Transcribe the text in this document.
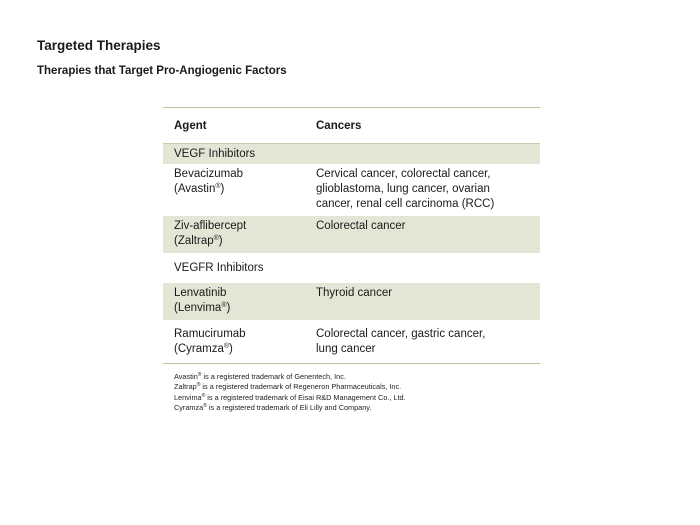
Targeted Therapies
Therapies that Target Pro-Angiogenic Factors
Agent	Cancers
VEGF Inhibitors
Bevacizumab
(Avastin®)
Cervical cancer, colorectal cancer,
glioblastoma, lung cancer, ovarian
cancer, renal cell carcinoma (RCC)
Ziv-aflibercept
(Zaltrap®)
Colorectal cancer
VEGFR Inhibitors
Lenvatinib
(Lenvima®)
Thyroid cancer
Ramucirumab
(Cyramza®)
Colorectal cancer, gastric cancer,
lung cancer
Avastin® is a registered trademark of Genentech, Inc.
Zaltrap® is a registered trademark of Regeneron Pharmaceuticals, Inc.
Lenvima® is a registered trademark of Eisai R&D Management Co., Ltd.
Cyramza® is a registered trademark of Eli Lilly and Company.
